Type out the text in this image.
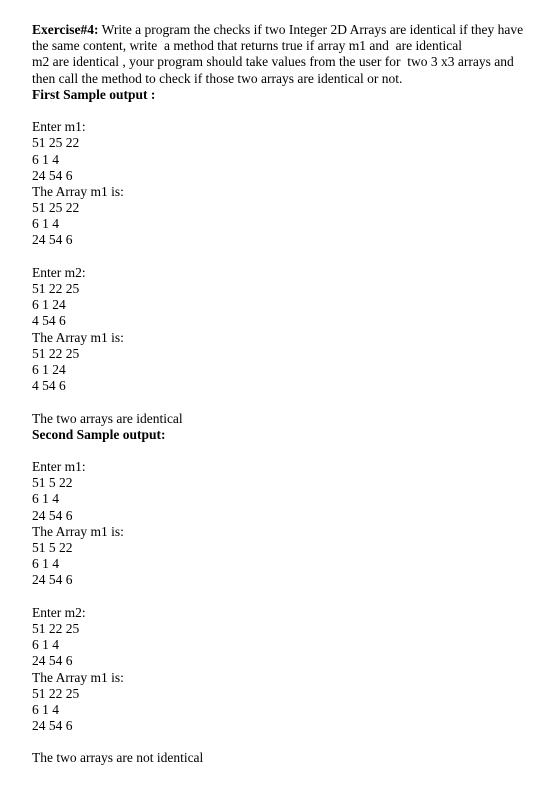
Exercise#4: Write a program the checks if two Integer 2D Arrays are identical if they have
the same content, write  a method that returns true if array m1 and  are identical
m2 are identical , your program should take values from the user for  two 3 x3 arrays and
then call the method to check if those two arrays are identical or not.
First Sample output :
Enter m1:
51 25 22
6 1 4
24 54 6
The Array m1 is:
51 25 22
6 1 4
24 54 6
Enter m2:
51 22 25
6 1 24
4 54 6
The Array m1 is:
51 22 25
6 1 24
4 54 6
The two arrays are identical
Second Sample output:
Enter m1:
51 5 22
6 1 4
24 54 6
The Array m1 is:
51 5 22
6 1 4
24 54 6
Enter m2:
51 22 25
6 1 4
24 54 6
The Array m1 is:
51 22 25
6 1 4
24 54 6
The two arrays are not identical
